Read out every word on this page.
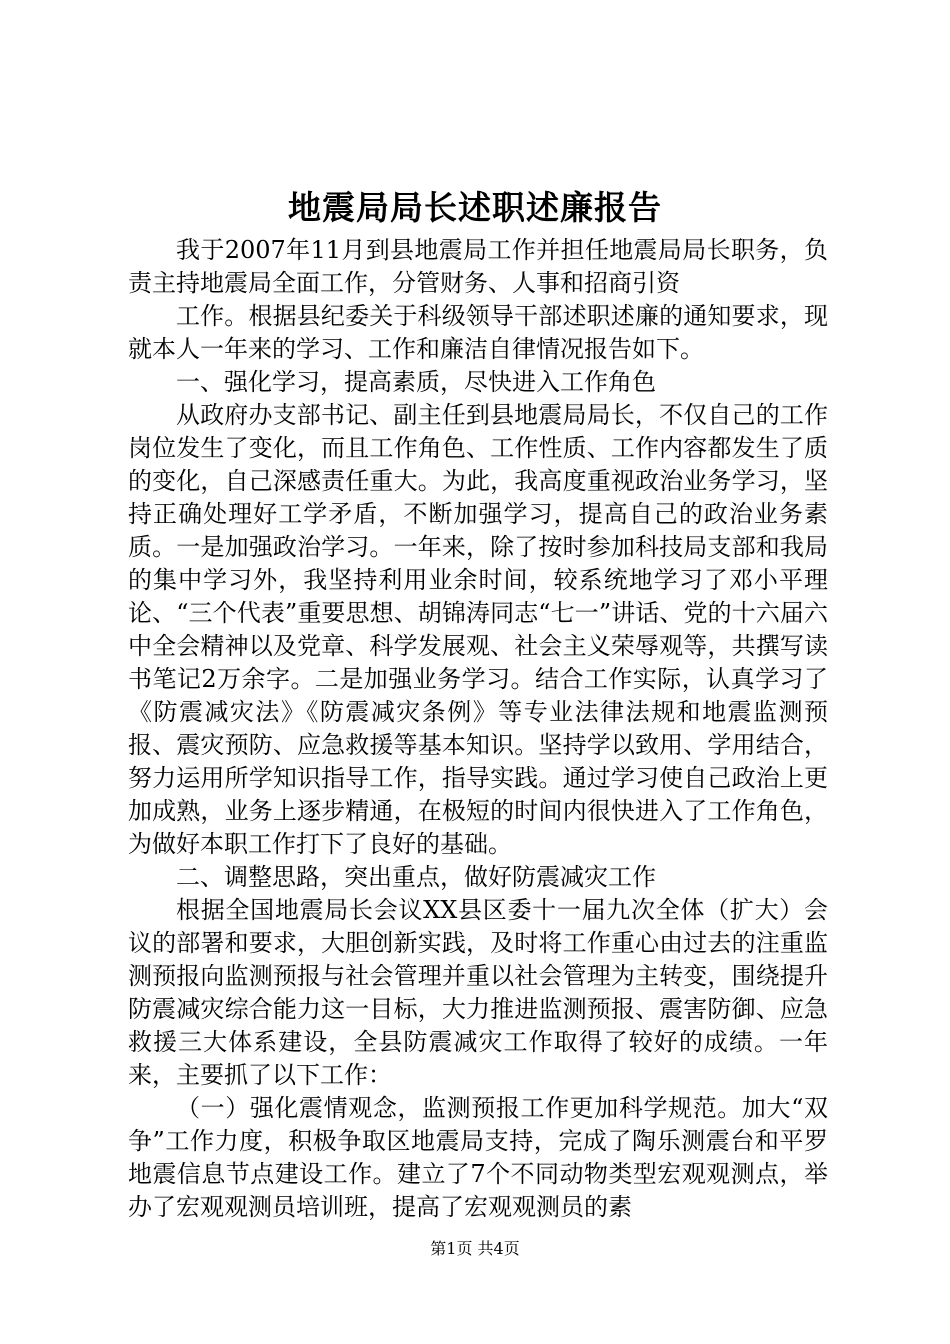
地震局局长述职述廉报告

我于2007年11月到县地震局工作并担任地震局局长职务，负责主持地震局全面工作，分管财务、人事和招商引资

工作。根据县纪委关于科级领导干部述职述廉的通知要求，现就本人一年来的学习、工作和廉洁自律情况报告如下。

一、强化学习，提高素质，尽快进入工作角色

从政府办支部书记、副主任到县地震局局长，不仅自己的工作岗位发生了变化，而且工作角色、工作性质、工作内容都发生了质的变化，自己深感责任重大。为此，我高度重视政治业务学习，坚持正确处理好工学矛盾，不断加强学习，提高自己的政治业务素质。一是加强政治学习。一年来，除了按时参加科技局支部和我局的集中学习外，我坚持利用业余时间，较系统地学习了邓小平理论、“三个代表”重要思想、胡锦涛同志“七一”讲话、党的十六届六中全会精神以及党章、科学发展观、社会主义荣辱观等，共撰写读书笔记2万余字。二是加强业务学习。结合工作实际，认真学习了《防震减灾法》《防震减灾条例》等专业法律法规和地震监测预报、震灾预防、应急救援等基本知识。坚持学以致用、学用结合，努力运用所学知识指导工作，指导实践。通过学习使自己政治上更加成熟，业务上逐步精通，在极短的时间内很快进入了工作角色，为做好本职工作打下了良好的基础。

二、调整思路，突出重点，做好防震减灾工作

根据全国地震局长会议XX县区委十一届九次全体（扩大）会议的部署和要求，大胆创新实践，及时将工作重心由过去的注重监测预报向监测预报与社会管理并重以社会管理为主转变，围绕提升防震减灾综合能力这一目标，大力推进监测预报、震害防御、应急救援三大体系建设，全县防震减灾工作取得了较好的成绩。一年来，主要抓了以下工作：

（一）强化震情观念，监测预报工作更加科学规范。加大“双争”工作力度，积极争取区地震局支持，完成了陶乐测震台和平罗地震信息节点建设工作。建立了7个不同动物类型宏观观测点，举办了宏观观测员培训班，提高了宏观观测员的素

第1页 共4页
